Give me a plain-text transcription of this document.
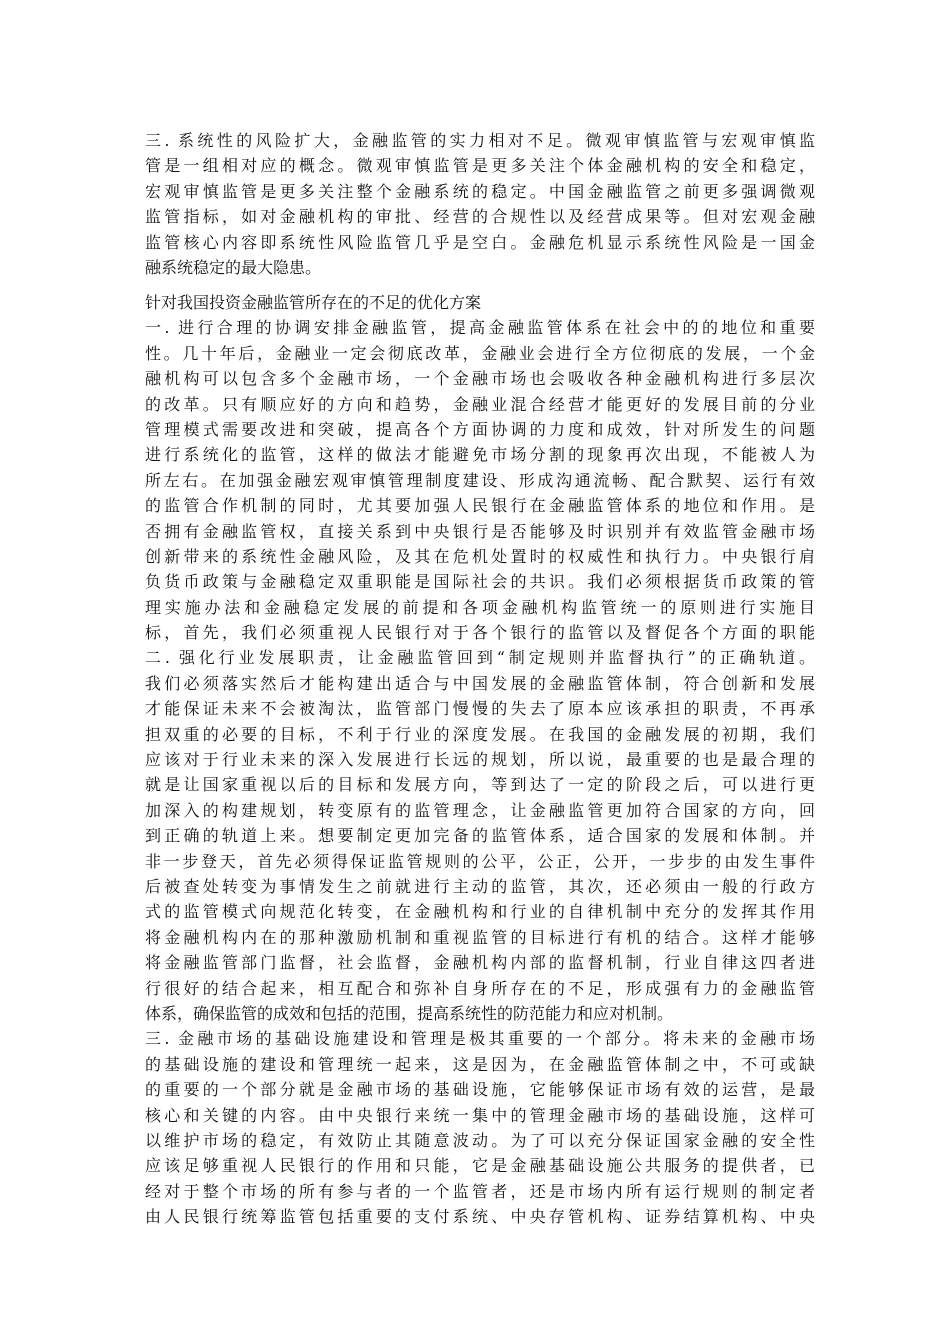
三. 系统性的风险扩大，金融监管的实力相对不足。微观审慎监管与宏观审慎监
管是一组相对应的概念。微观审慎监管是更多关注个体金融机构的安全和稳定，
宏观审慎监管是更多关注整个金融系统的稳定。中国金融监管之前更多强调微观
监管指标，如对金融机构的审批、经营的合规性以及经营成果等。但对宏观金融
监管核心内容即系统性风险监管几乎是空白。金融危机显示系统性风险是一国金
融系统稳定的最大隐患。
针对我国投资金融监管所存在的不足的优化方案
一. 进行合理的协调安排金融监管，提高金融监管体系在社会中的的地位和重要
性。几十年后，金融业一定会彻底改革，金融业会进行全方位彻底的发展，一个金
融机构可以包含多个金融市场，一个金融市场也会吸收各种金融机构进行多层次
的改革。只有顺应好的方向和趋势，金融业混合经营才能更好的发展目前的分业
管理模式需要改进和突破，提高各个方面协调的力度和成效，针对所发生的问题
进行系统化的监管，这样的做法才能避免市场分割的现象再次出现，不能被人为
所左右。在加强金融宏观审慎管理制度建设、形成沟通流畅、配合默契、运行有效
的监管合作机制的同时，尤其要加强人民银行在金融监管体系的地位和作用。是
否拥有金融监管权，直接关系到中央银行是否能够及时识别并有效监管金融市场
创新带来的系统性金融风险，及其在危机处置时的权威性和执行力。中央银行肩
负货币政策与金融稳定双重职能是国际社会的共识。我们必须根据货币政策的管
理实施办法和金融稳定发展的前提和各项金融机构监管统一的原则进行实施目
标，首先，我们必须重视人民银行对于各个银行的监管以及督促各个方面的职能
二. 强化行业发展职责，让金融监管回到“制定规则并监督执行”的正确轨道。
我们必须落实然后才能构建出适合与中国发展的金融监管体制，符合创新和发展
才能保证未来不会被淘汰，监管部门慢慢的失去了原本应该承担的职责，不再承
担双重的必要的目标，不利于行业的深度发展。在我国的金融发展的初期，我们
应该对于行业未来的深入发展进行长远的规划，所以说，最重要的也是最合理的
就是让国家重视以后的目标和发展方向，等到达了一定的阶段之后，可以进行更
加深入的构建规划，转变原有的监管理念，让金融监管更加符合国家的方向，回
到正确的轨道上来。想要制定更加完备的监管体系，适合国家的发展和体制。并
非一步登天，首先必须得保证监管规则的公平，公正，公开，一步步的由发生事件
后被查处转变为事情发生之前就进行主动的监管，其次，还必须由一般的行政方
式的监管模式向规范化转变，在金融机构和行业的自律机制中充分的发挥其作用
将金融机构内在的那种激励机制和重视监管的目标进行有机的结合。这样才能够
将金融监管部门监督，社会监督，金融机构内部的监督机制，行业自律这四者进
行很好的结合起来，相互配合和弥补自身所存在的不足，形成强有力的金融监管
体系，确保监管的成效和包括的范围，提高系统性的防范能力和应对机制。
三. 金融市场的基础设施建设和管理是极其重要的一个部分。将未来的金融市场
的基础设施的建设和管理统一起来，这是因为，在金融监管体制之中，不可或缺
的重要的一个部分就是金融市场的基础设施，它能够保证市场有效的运营，是最
核心和关键的内容。由中央银行来统一集中的管理金融市场的基础设施，这样可
以维护市场的稳定，有效防止其随意波动。为了可以充分保证国家金融的安全性
应该足够重视人民银行的作用和只能，它是金融基础设施公共服务的提供者，已
经对于整个市场的所有参与者的一个监管者，还是市场内所有运行规则的制定者
由人民银行统筹监管包括重要的支付系统、中央存管机构、证券结算机构、中央
